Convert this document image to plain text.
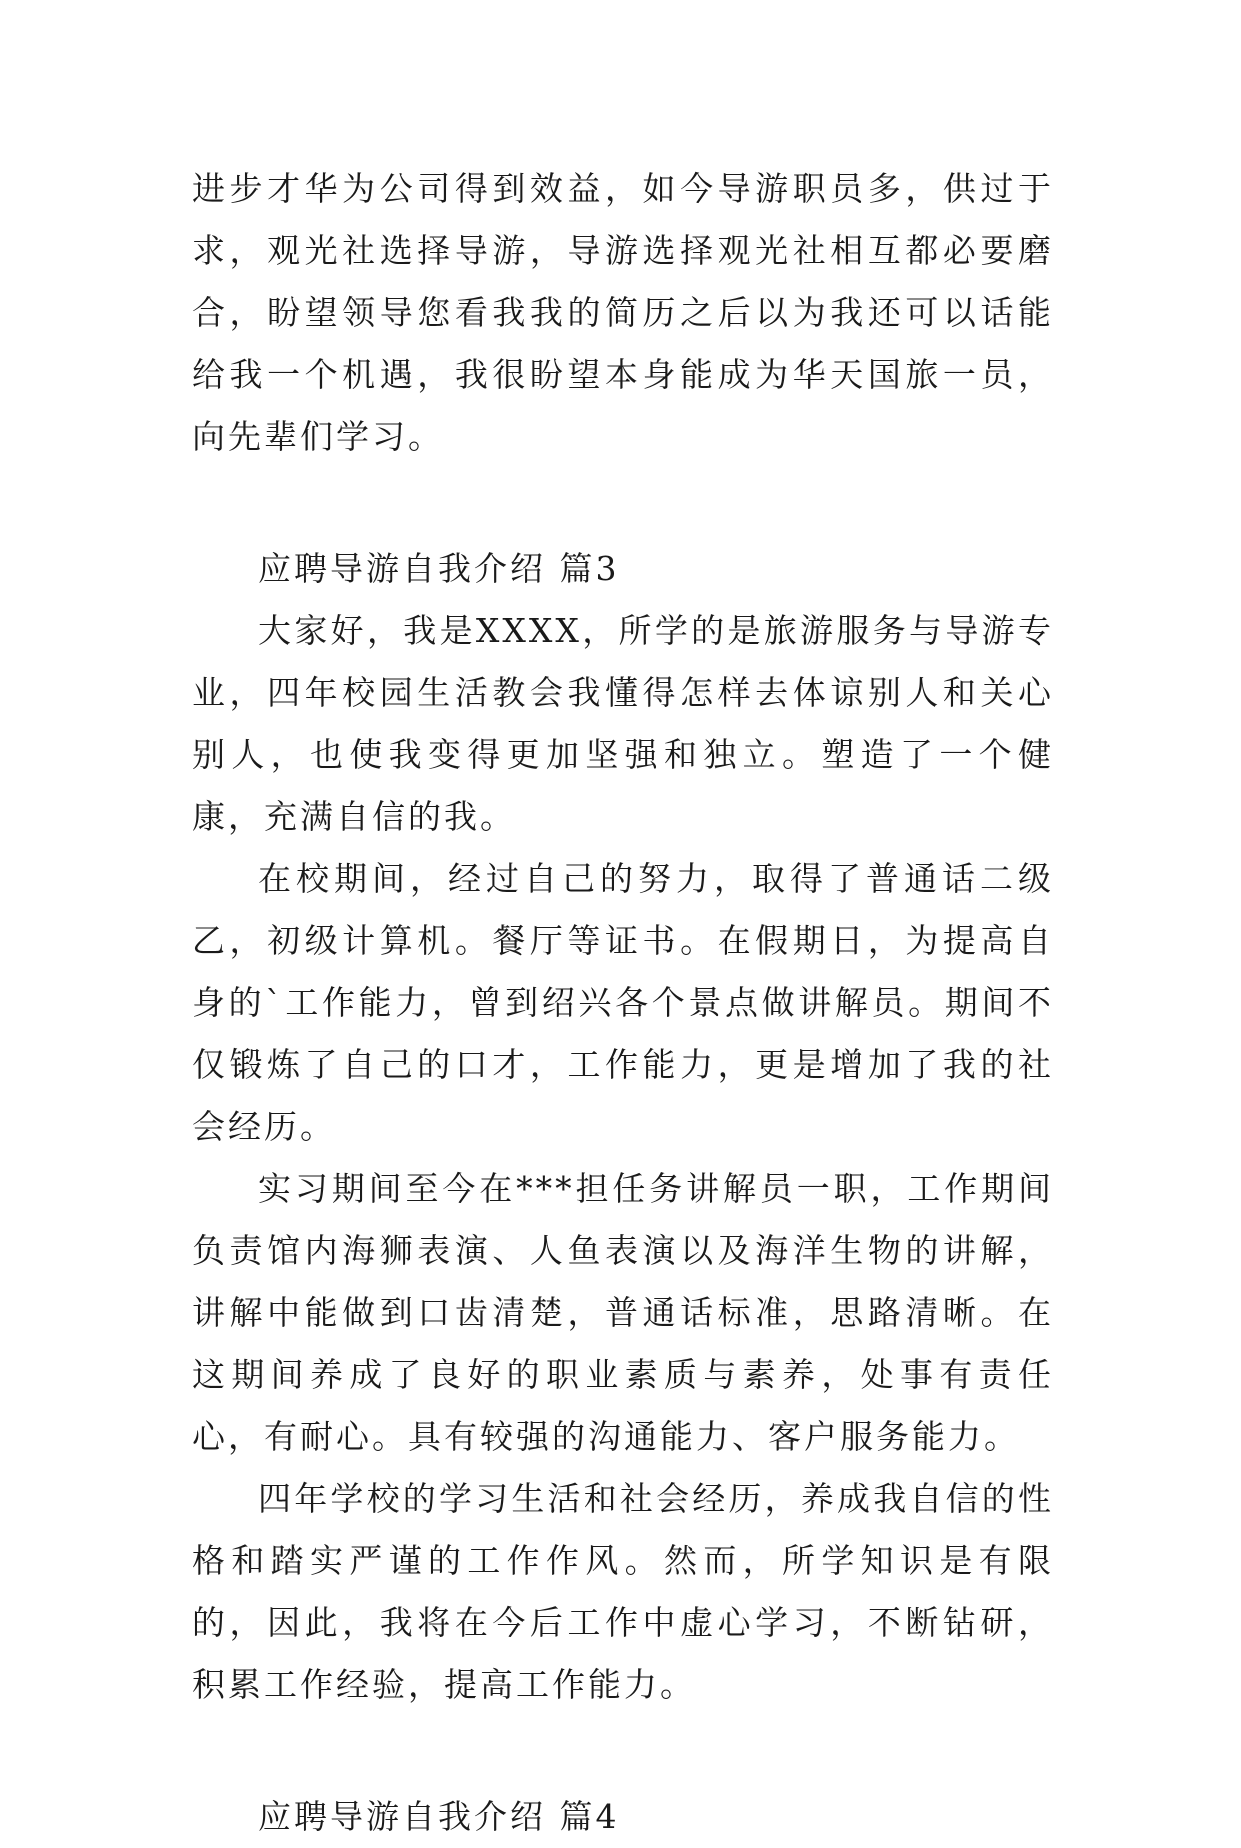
进步才华为公司得到效益，如今导游职员多，供过于求，观光社选择导游，导游选择观光社相互都必要磨合，盼望领导您看我我的简历之后以为我还可以话能给我一个机遇，我很盼望本身能成为华天国旅一员，向先辈们学习。

应聘导游自我介绍 篇3

大家好，我是XXXX，所学的是旅游服务与导游专业，四年校园生活教会我懂得怎样去体谅别人和关心别人，也使我变得更加坚强和独立。塑造了一个健康，充满自信的我。

在校期间，经过自己的努力，取得了普通话二级乙，初级计算机。餐厅等证书。在假期日，为提高自身的`工作能力，曾到绍兴各个景点做讲解员。期间不仅锻炼了自己的口才，工作能力，更是增加了我的社会经历。

实习期间至今在***担任务讲解员一职，工作期间负责馆内海狮表演、人鱼表演以及海洋生物的讲解，讲解中能做到口齿清楚，普通话标准，思路清晰。在这期间养成了良好的职业素质与素养，处事有责任心，有耐心。具有较强的沟通能力、客户服务能力。

四年学校的学习生活和社会经历，养成我自信的性格和踏实严谨的工作作风。然而，所学知识是有限的，因此，我将在今后工作中虚心学习，不断钻研，积累工作经验，提高工作能力。

应聘导游自我介绍 篇4
